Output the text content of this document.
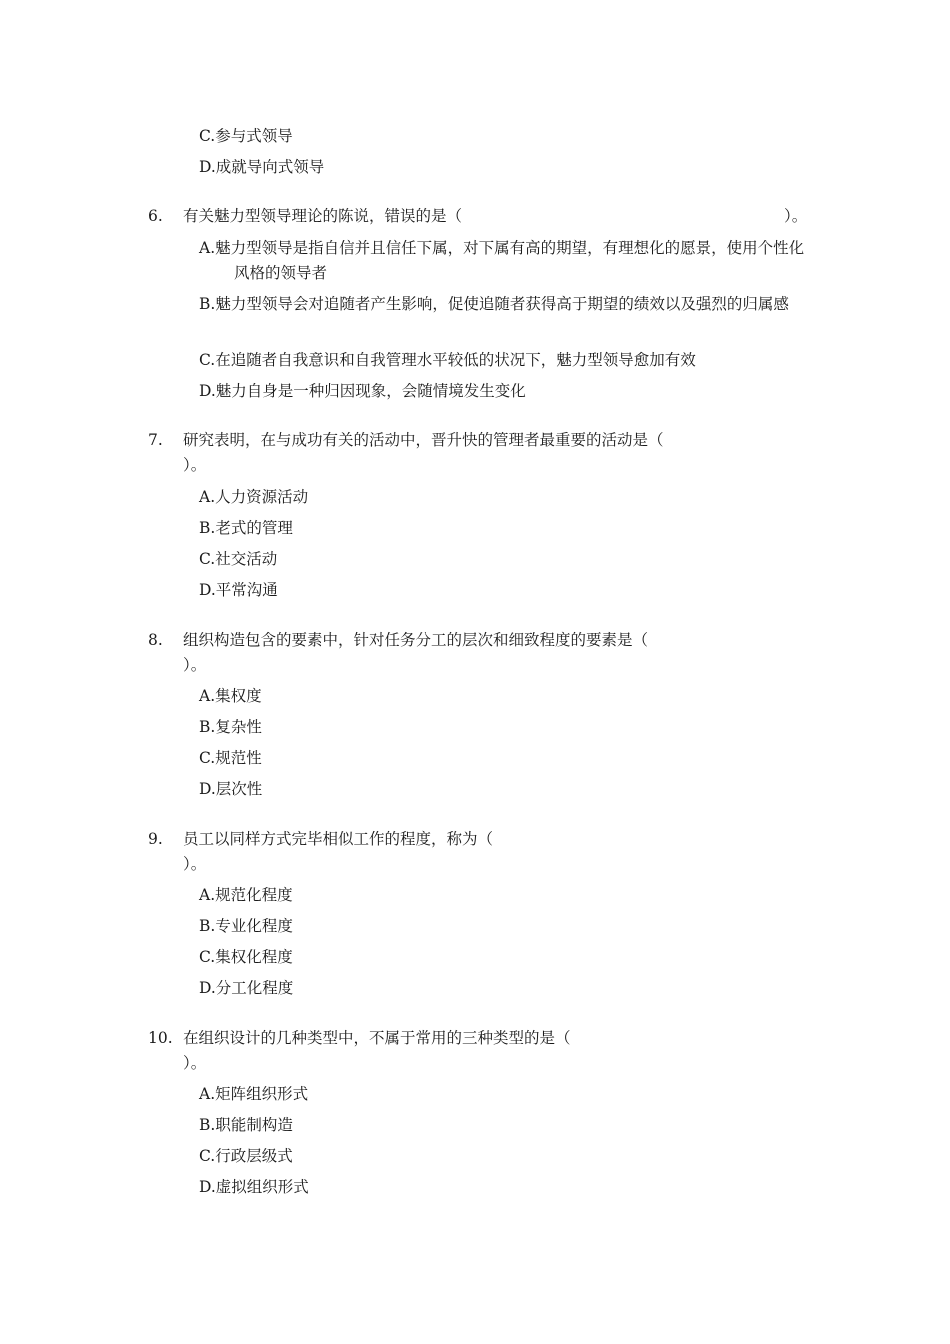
C.参与式领导
D.成就导向式领导
6.	有关魅力型领导理论的陈说，错误的是（	）。
A.魅力型领导是指自信并且信任下属，对下属有高的期望，有理想化的愿景，使用个性化风格的领导者
B.魅力型领导会对追随者产生影响，促使追随者获得高于期望的绩效以及强烈的归属感
C.在追随者自我意识和自我管理水平较低的状况下，魅力型领导愈加有效
D.魅力自身是一种归因现象，会随情境发生变化
7.	研究表明，在与成功有关的活动中，晋升快的管理者最重要的活动是（
）。
A.人力资源活动
B.老式的管理
C.社交活动
D.平常沟通
8.	组织构造包含的要素中，针对任务分工的层次和细致程度的要素是（
）。
A.集权度
B.复杂性
C.规范性
D.层次性
9.	员工以同样方式完毕相似工作的程度，称为（
）。
A.规范化程度
B.专业化程度
C.集权化程度
D.分工化程度
10. 在组织设计的几种类型中，不属于常用的三种类型的是（
）。
A.矩阵组织形式
B.职能制构造
C.行政层级式
D.虚拟组织形式
